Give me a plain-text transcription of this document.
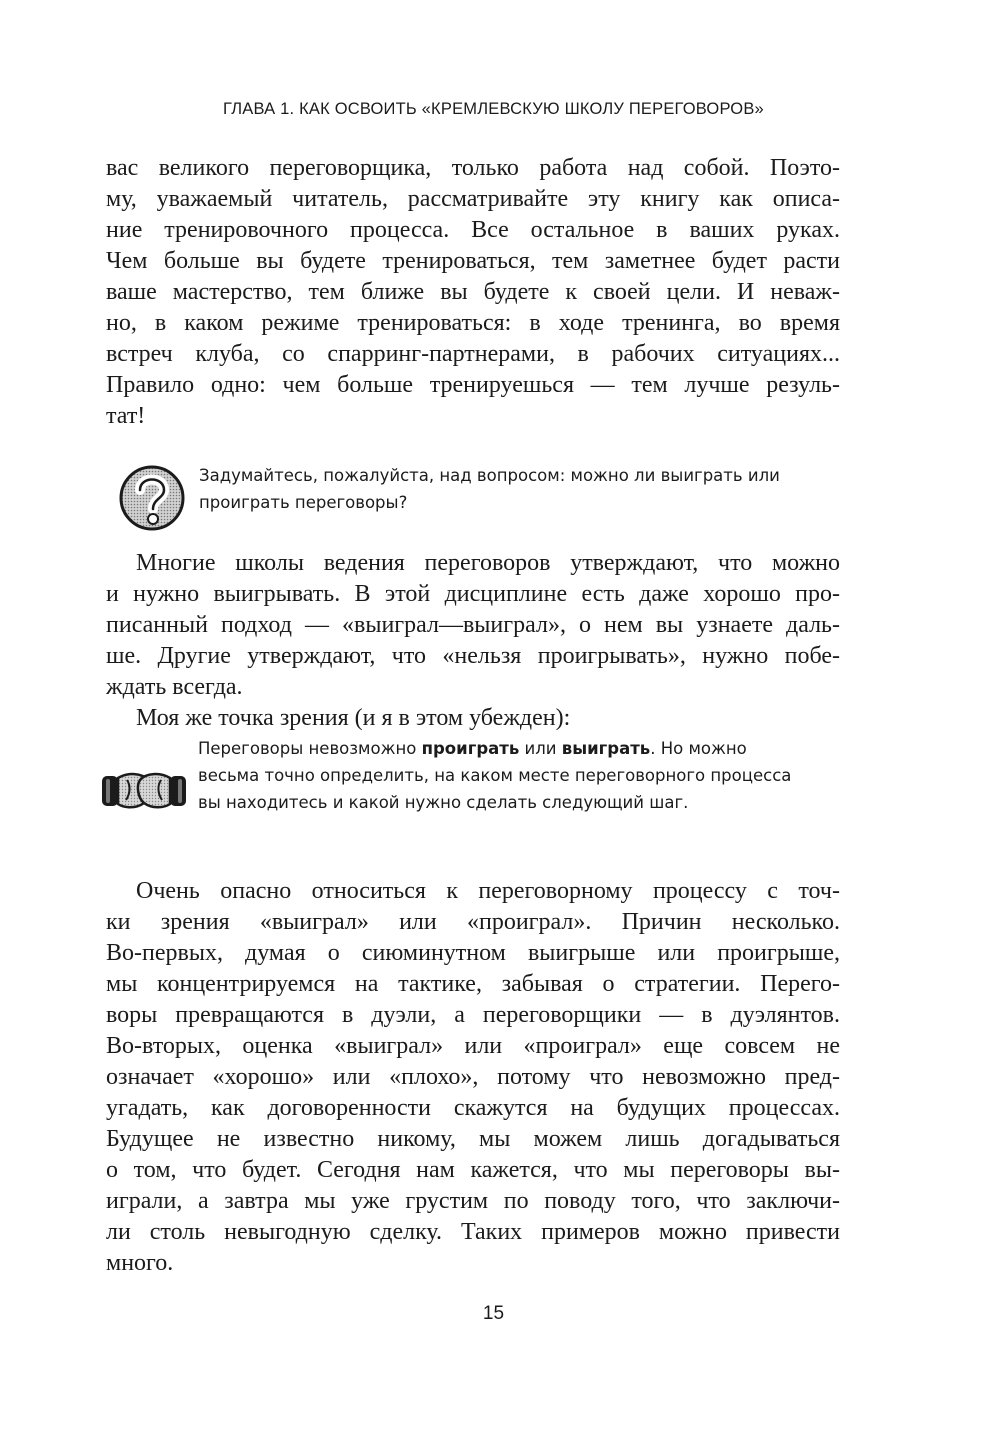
ГЛАВА 1. КАК ОСВОИТЬ «КРЕМЛЕВСКУЮ ШКОЛУ ПЕРЕГОВОРОВ»
вас великого переговорщика, только работа над собой. Поэто-
му, уважаемый читатель, рассматривайте эту книгу как описа-
ние тренировочного процесса. Все остальное в ваших руках.
Чем больше вы будете тренироваться, тем заметнее будет расти
ваше мастерство, тем ближе вы будете к своей цели. И неваж-
но, в каком режиме тренироваться: в ходе тренинга, во время
встреч клуба, со спарринг-партнерами, в рабочих ситуациях...
Правило одно: чем больше тренируешься — тем лучше резуль-
тат!
Задумайтесь, пожалуйста, над вопросом: можно ли выиграть или
проиграть переговоры?
Многие школы ведения переговоров утверждают, что можно
и нужно выигрывать. В этой дисциплине есть даже хорошо про-
писанный подход — «выиграл—выиграл», о нем вы узнаете даль-
ше. Другие утверждают, что «нельзя проигрывать», нужно побе-
ждать всегда.
Моя же точка зрения (и я в этом убежден):
Переговоры невозможно проиграть или выиграть. Но можно
весьма точно определить, на каком месте переговорного процесса
вы находитесь и какой нужно сделать следующий шаг.
Очень опасно относиться к переговорному процессу с точ-
ки зрения «выиграл» или «проиграл». Причин несколько.
Во-первых, думая о сиюминутном выигрыше или проигрыше,
мы концентрируемся на тактике, забывая о стратегии. Перего-
воры превращаются в дуэли, а переговорщики — в дуэлянтов.
Во-вторых, оценка «выиграл» или «проиграл» еще совсем не
означает «хорошо» или «плохо», потому что невозможно пред-
угадать, как договоренности скажутся на будущих процессах.
Будущее не известно никому, мы можем лишь догадываться
о том, что будет. Сегодня нам кажется, что мы переговоры вы-
играли, а завтра мы уже грустим по поводу того, что заключи-
ли столь невыгодную сделку. Таких примеров можно привести
много.
15
